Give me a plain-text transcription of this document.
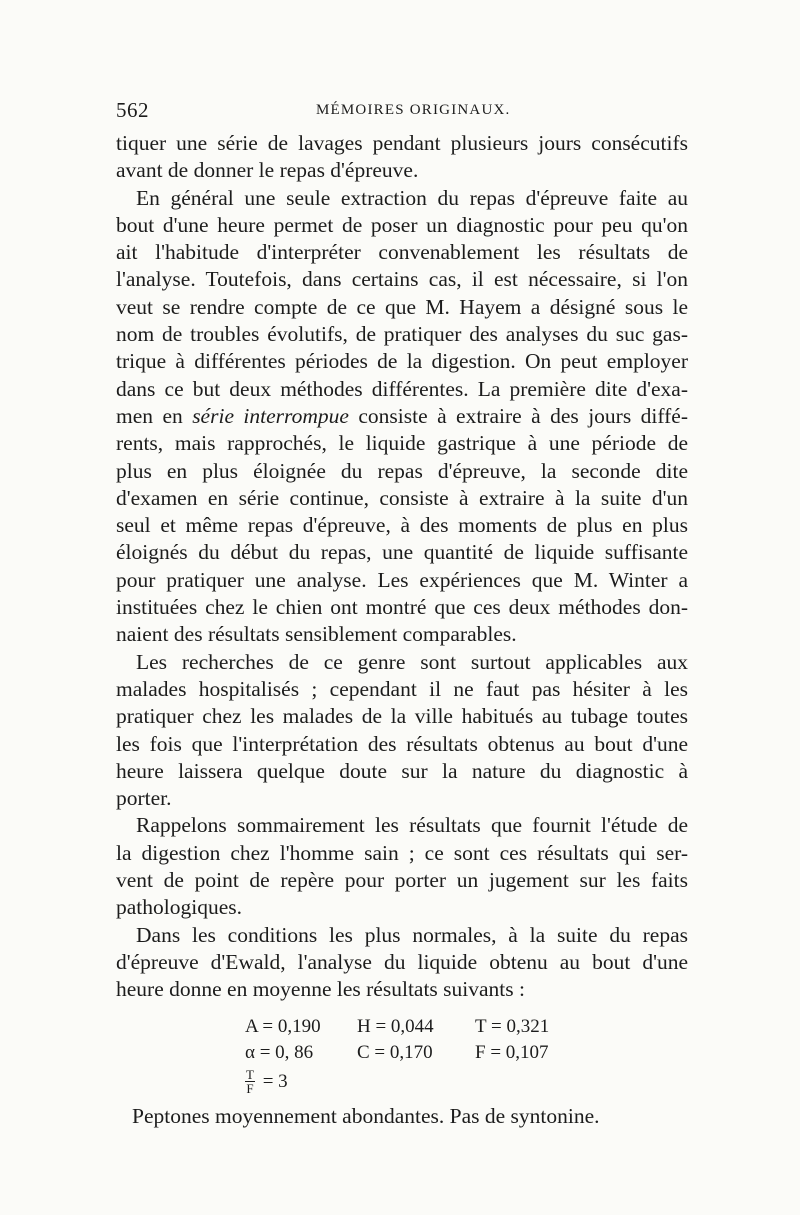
562	MÉMOIRES ORIGINAUX.
tiquer une série de lavages pendant plusieurs jours consécutifs
avant de donner le repas d'épreuve.
En général une seule extraction du repas d'épreuve faite au
bout d'une heure permet de poser un diagnostic pour peu qu'on
ait l'habitude d'interpréter convenablement les résultats de
l'analyse. Toutefois, dans certains cas, il est nécessaire, si l'on
veut se rendre compte de ce que M. Hayem a désigné sous le
nom de troubles évolutifs, de pratiquer des analyses du suc gas-
trique à différentes périodes de la digestion. On peut employer
dans ce but deux méthodes différentes. La première dite d'exa-
men en série interrompue consiste à extraire à des jours diffé-
rents, mais rapprochés, le liquide gastrique à une période de
plus en plus éloignée du repas d'épreuve, la seconde dite
d'examen en série continue, consiste à extraire à la suite d'un
seul et même repas d'épreuve, à des moments de plus en plus
éloignés du début du repas, une quantité de liquide suffisante
pour pratiquer une analyse. Les expériences que M. Winter a
instituées chez le chien ont montré que ces deux méthodes don-
naient des résultats sensiblement comparables.
Les recherches de ce genre sont surtout applicables aux
malades hospitalisés ; cependant il ne faut pas hésiter à les
pratiquer chez les malades de la ville habitués au tubage toutes
les fois que l'interprétation des résultats obtenus au bout d'une
heure laissera quelque doute sur la nature du diagnostic à
porter.
Rappelons sommairement les résultats que fournit l'étude de
la digestion chez l'homme sain ; ce sont ces résultats qui ser-
vent de point de repère pour porter un jugement sur les faits
pathologiques.
Dans les conditions les plus normales, à la suite du repas
d'épreuve d'Ewald, l'analyse du liquide obtenu au bout d'une
heure donne en moyenne les résultats suivants :
A = 0,190 H = 0,044 T = 0,321
α = 0, 86 C = 0,170 F = 0,107
$\frac{T}{F} = 3$
Peptones moyennement abondantes. Pas de syntonine.
